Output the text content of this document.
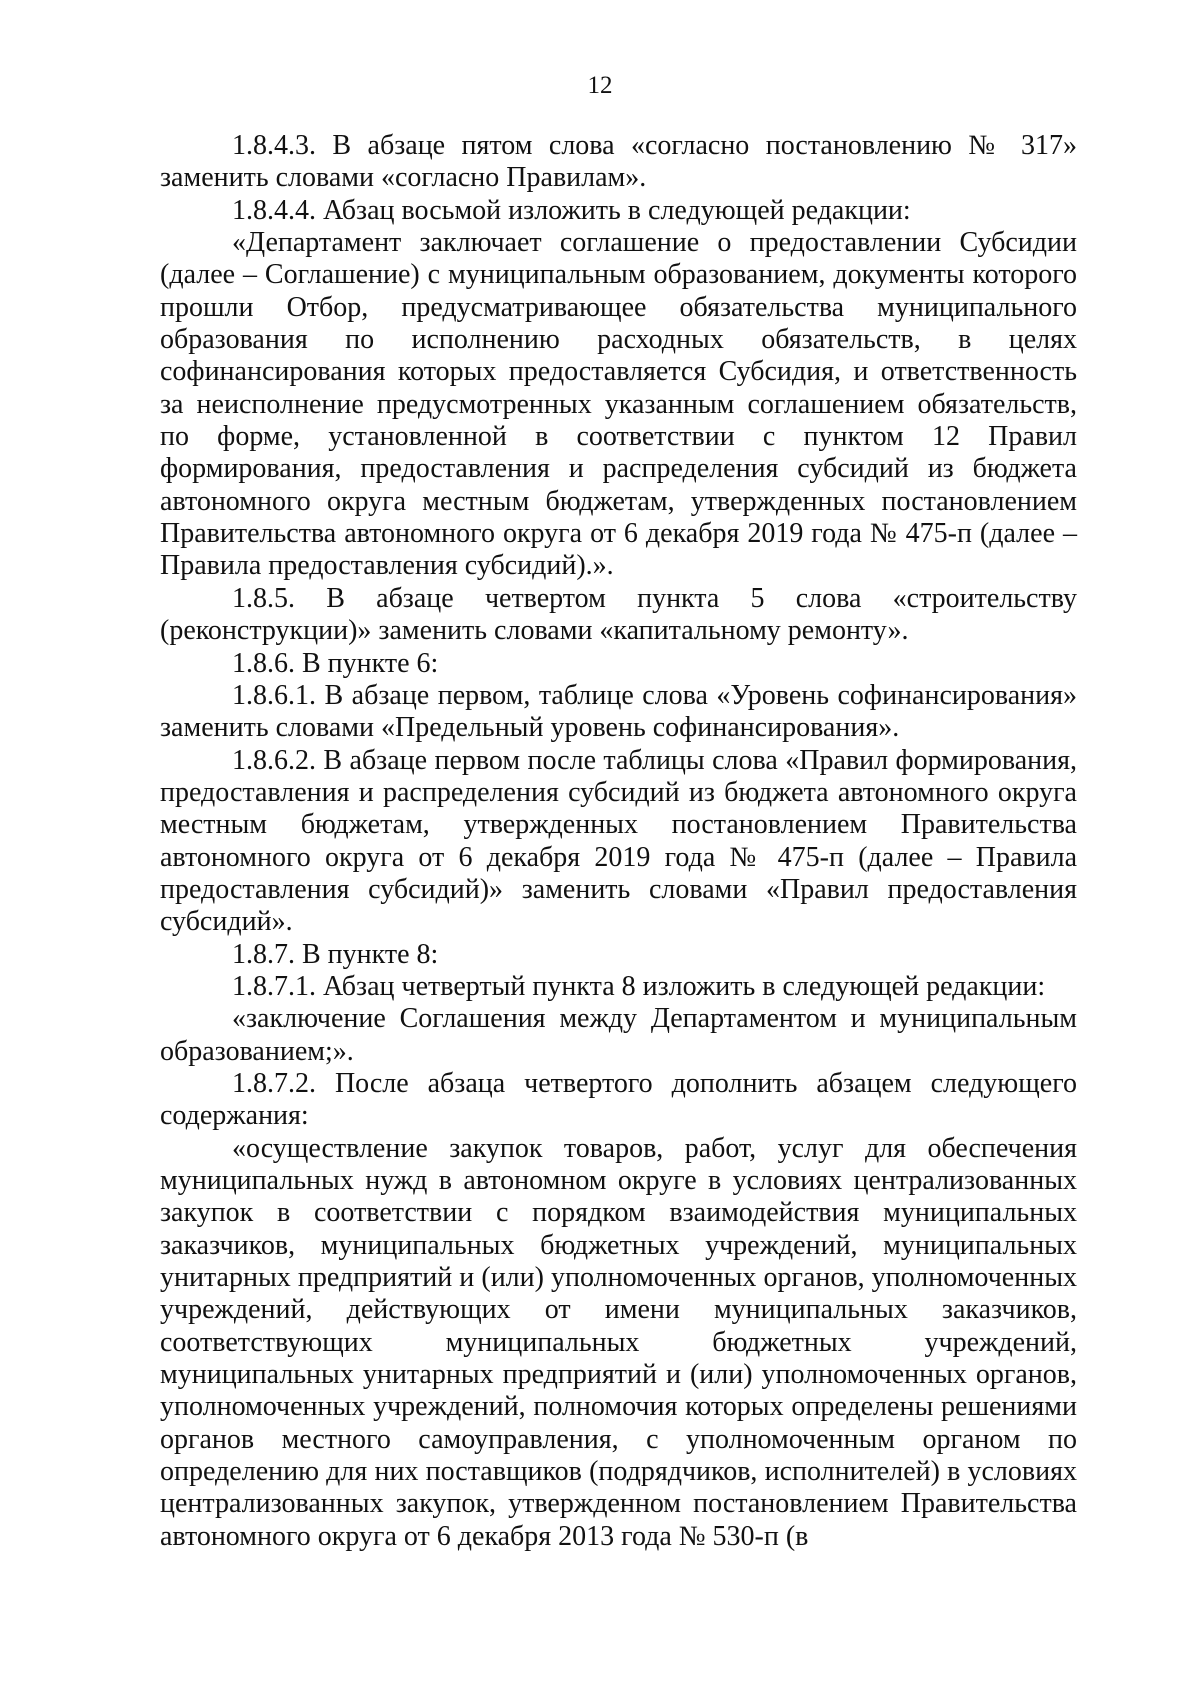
12

1.8.4.3. В абзаце пятом слова «согласно постановлению № 317» заменить словами «согласно Правилам».

1.8.4.4. Абзац восьмой изложить в следующей редакции:

«Департамент заключает соглашение о предоставлении Субсидии (далее – Соглашение) с муниципальным образованием, документы которого прошли Отбор, предусматривающее обязательства муниципального образования по исполнению расходных обязательств, в целях софинансирования которых предоставляется Субсидия, и ответственность за неисполнение предусмотренных указанным соглашением обязательств, по форме, установленной в соответствии с пунктом 12 Правил формирования, предоставления и распределения субсидий из бюджета автономного округа местным бюджетам, утвержденных постановлением Правительства автономного округа от 6 декабря 2019 года № 475-п (далее – Правила предоставления субсидий).».

1.8.5. В абзаце четвертом пункта 5 слова «строительству (реконструкции)» заменить словами «капитальному ремонту».

1.8.6. В пункте 6:

1.8.6.1. В абзаце первом, таблице слова «Уровень софинансирования» заменить словами «Предельный уровень софинансирования».

1.8.6.2. В абзаце первом после таблицы слова «Правил формирования, предоставления и распределения субсидий из бюджета автономного округа местным бюджетам, утвержденных постановлением Правительства автономного округа от 6 декабря 2019 года № 475-п (далее – Правила предоставления субсидий)» заменить словами «Правил предоставления субсидий».

1.8.7. В пункте 8:

1.8.7.1. Абзац четвертый пункта 8 изложить в следующей редакции:

«заключение Соглашения между Департаментом и муниципальным образованием;».

1.8.7.2. После абзаца четвертого дополнить абзацем следующего содержания:

«осуществление закупок товаров, работ, услуг для обеспечения муниципальных нужд в автономном округе в условиях централизованных закупок в соответствии с порядком взаимодействия муниципальных заказчиков, муниципальных бюджетных учреждений, муниципальных унитарных предприятий и (или) уполномоченных органов, уполномоченных учреждений, действующих от имени муниципальных заказчиков, соответствующих муниципальных бюджетных учреждений, муниципальных унитарных предприятий и (или) уполномоченных органов, уполномоченных учреждений, полномочия которых определены решениями органов местного самоуправления, с уполномоченным органом по определению для них поставщиков (подрядчиков, исполнителей) в условиях централизованных закупок, утвержденном постановлением Правительства автономного округа от 6 декабря 2013 года № 530-п (в
